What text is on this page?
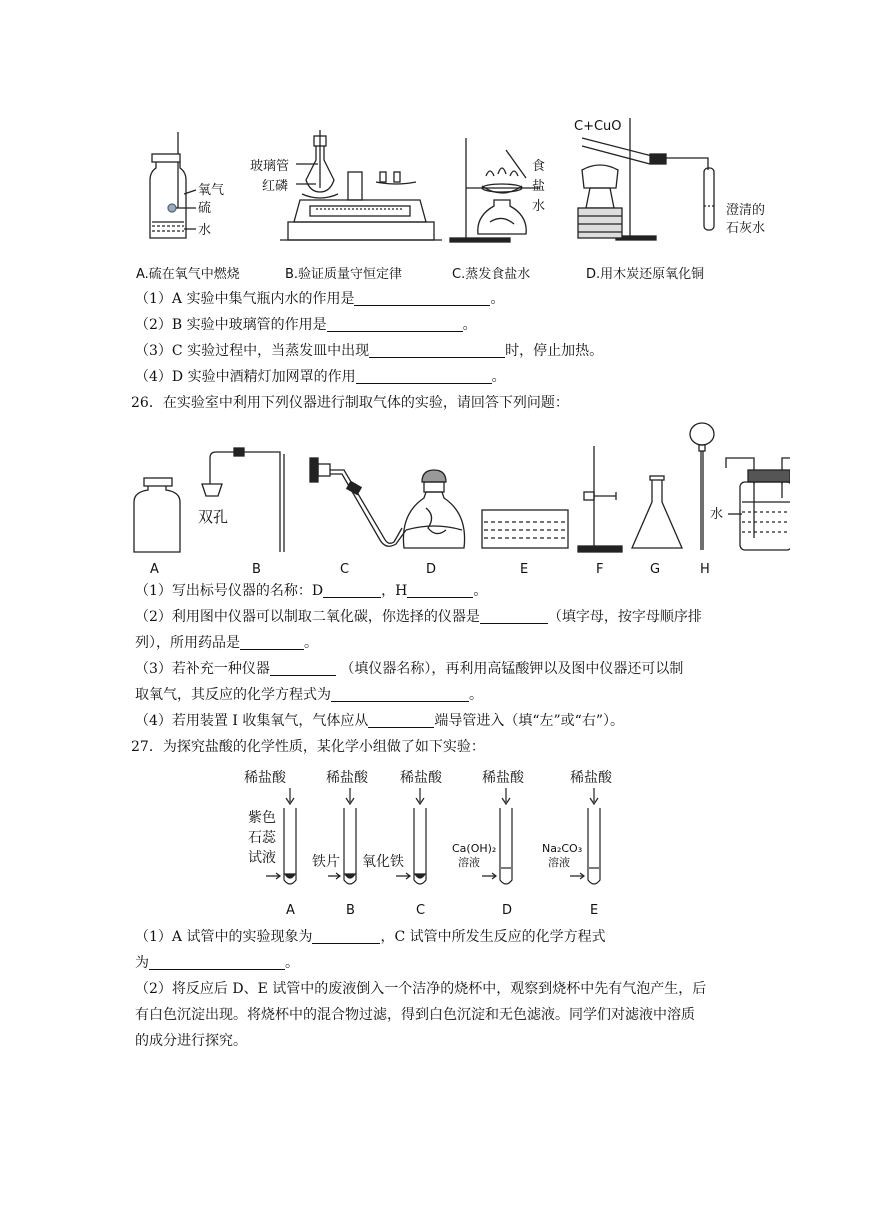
氧气
硫
水
玻璃管
红磷
食
盐
水
C+CuO
澄清的
石灰水
A.硫在氧气中燃烧	B.验证质量守恒定律	C.蒸发食盐水	D.用木炭还原氧化铜
（1）A 实验中集气瓶内水的作用是	。
（2）B 实验中玻璃管的作用是	。
（3）C 实验过程中，当蒸发皿中出现	时，停止加热。
（4）D 实验中酒精灯加网罩的作用	。
26．在实验室中利用下列仪器进行制取气体的实验，请回答下列问题：
双孔	水
A	B	C	D	E	F	G	H
（1）写出标号仪器的名称：D	，H	。
（2）利用图中仪器可以制取二氧化碳，你选择的仪器是	（填字母，按字母顺序排
列），所用药品是	。
（3）若补充一种仪器	（填仪器名称），再利用高锰酸钾以及图中仪器还可以制
取氧气，其反应的化学方程式为	。
（4）若用装置 I 收集氧气，气体应从	端导管进入（填“左”或“右”）。
27．为探究盐酸的化学性质，某化学小组做了如下实验：
稀盐酸	稀盐酸 稀盐酸	稀盐酸	稀盐酸
紫色
石蕊
试液	铁片 氧化铁
Ca(OH)₂
溶液
Na₂CO₃
溶液
A	B	C	D	E
（1）A 试管中的实验现象为	，C 试管中所发生反应的化学方程式
为	。
（2）将反应后 D、E 试管中的废液倒入一个洁净的烧杯中，观察到烧杯中先有气泡产生，后
有白色沉淀出现。将烧杯中的混合物过滤，得到白色沉淀和无色滤液。同学们对滤液中溶质
的成分进行探究。
